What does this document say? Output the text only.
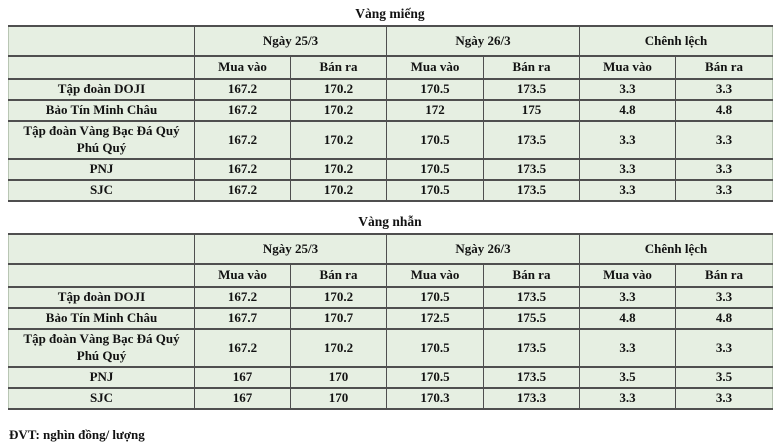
Vàng miếng
	Ngày 25/3		Ngày 26/3		Chênh lệch	
	Mua vào	Bán ra	Mua vào	Bán ra	Mua vào	Bán ra
Tập đoàn DOJI	167.2	170.2	170.5	173.5	3.3	3.3
Bảo Tín Minh Châu	167.2	170.2	172	175	4.8	4.8
Tập đoàn Vàng Bạc Đá Quý Phú Quý	167.2	170.2	170.5	173.5	3.3	3.3
PNJ	167.2	170.2	170.5	173.5	3.3	3.3
SJC	167.2	170.2	170.5	173.5	3.3	3.3
Vàng nhẫn
	Ngày 25/3		Ngày 26/3		Chênh lệch	
	Mua vào	Bán ra	Mua vào	Bán ra	Mua vào	Bán ra
Tập đoàn DOJI	167.2	170.2	170.5	173.5	3.3	3.3
Bảo Tín Minh Châu	167.7	170.7	172.5	175.5	4.8	4.8
Tập đoàn Vàng Bạc Đá Quý Phú Quý	167.2	170.2	170.5	173.5	3.3	3.3
PNJ	167	170	170.5	173.5	3.5	3.5
SJC	167	170	170.3	173.3	3.3	3.3
ĐVT: nghìn đồng/ lượng
